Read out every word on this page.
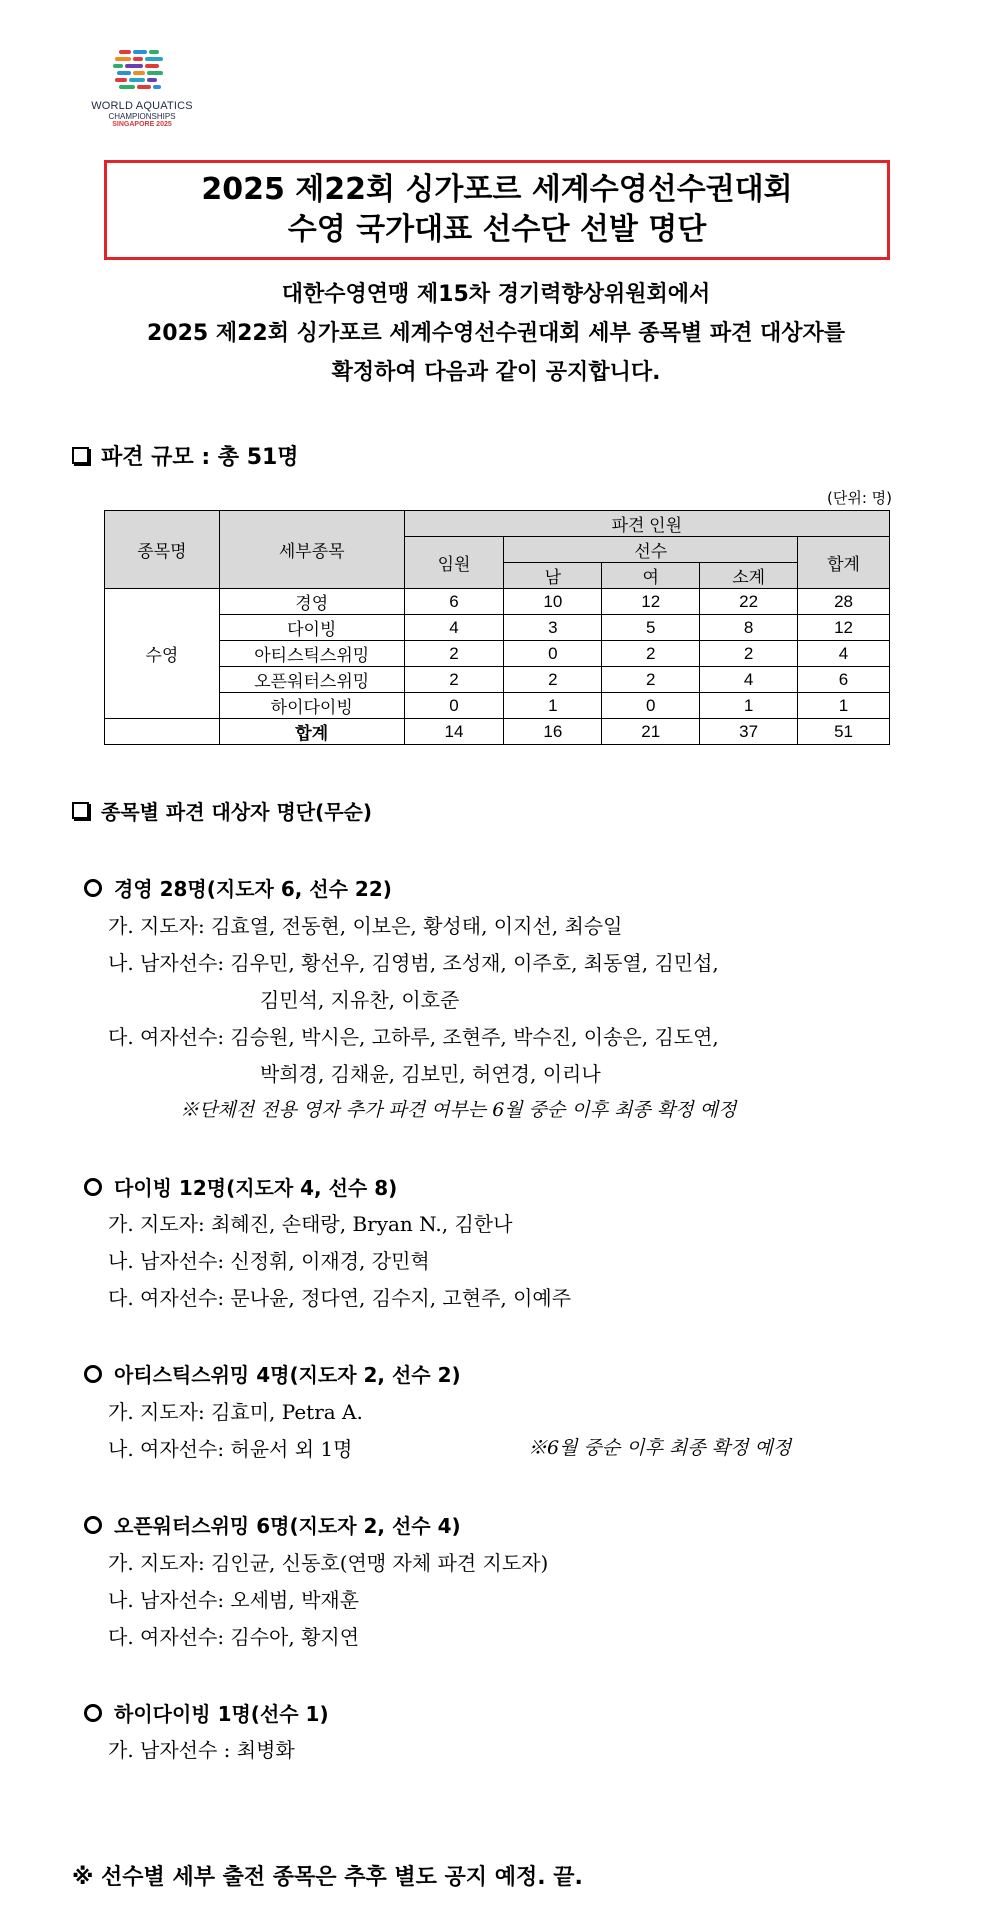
WORLD AQUATICS
CHAMPIONSHIPS
SINGAPORE 2025
2025 제22회 싱가포르 세계수영선수권대회
수영 국가대표 선수단 선발 명단
대한수영연맹 제15차 경기력향상위원회에서
2025 제22회 싱가포르 세계수영선수권대회 세부 종목별 파견 대상자를
확정하여 다음과 같이 공지합니다.
파견 규모 : 총 51명
(단위: 명)
종목명	세부종목	파견 인원				
		임원	선수			합계
			남	여	소계	
수영	경영	6	10	12	22	28
	다이빙	4	3	5	8	12
	아티스틱스위밍	2	0	2	2	4
	오픈워터스위밍	2	2	2	4	6
	하이다이빙	0	1	0	1	1
	합계	14	16	21	37	51
종목별 파견 대상자 명단(무순)
경영 28명(지도자 6, 선수 22)
가. 지도자: 김효열, 전동현, 이보은, 황성태, 이지선, 최승일
나. 남자선수: 김우민, 황선우, 김영범, 조성재, 이주호, 최동열, 김민섭,
김민석, 지유찬, 이호준
다. 여자선수: 김승원, 박시은, 고하루, 조현주, 박수진, 이송은, 김도연,
박희경, 김채윤, 김보민, 허연경, 이리나
※단체전 전용 영자 추가 파견 여부는 6월 중순 이후 최종 확정 예정
다이빙 12명(지도자 4, 선수 8)
가. 지도자: 최혜진, 손태랑, Bryan N., 김한나
나. 남자선수: 신정휘, 이재경, 강민혁
다. 여자선수: 문나윤, 정다연, 김수지, 고현주, 이예주
아티스틱스위밍 4명(지도자 2, 선수 2)
가. 지도자: 김효미, Petra A.
나. 여자선수: 허윤서 외 1명	※6월 중순 이후 최종 확정 예정
오픈워터스위밍 6명(지도자 2, 선수 4)
가. 지도자: 김인균, 신동호(연맹 자체 파견 지도자)
나. 남자선수: 오세범, 박재훈
다. 여자선수: 김수아, 황지연
하이다이빙 1명(선수 1)
가. 남자선수 : 최병화
※ 선수별 세부 출전 종목은 추후 별도 공지 예정. 끝.
